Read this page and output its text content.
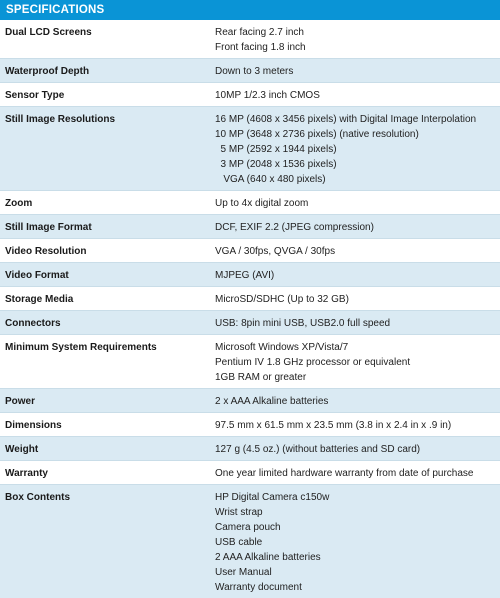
SPECIFICATIONS
Dual LCD Screens	Rear facing 2.7 inch
Front facing 1.8 inch
Waterproof Depth	Down to 3 meters
Sensor Type	10MP 1/2.3 inch CMOS
Still Image Resolutions	16 MP (4608 x 3456 pixels) with Digital Image Interpolation
10 MP (3648 x 2736 pixels) (native resolution)
5 MP (2592 x 1944 pixels)
3 MP (2048 x 1536 pixels)
VGA (640 x 480 pixels)
Zoom	Up to 4x digital zoom
Still Image Format	DCF, EXIF 2.2 (JPEG compression)
Video Resolution	VGA / 30fps, QVGA / 30fps
Video Format	MJPEG (AVI)
Storage Media	MicroSD/SDHC (Up to 32 GB)
Connectors	USB: 8pin mini USB, USB2.0 full speed
Minimum System Requirements	Microsoft Windows XP/Vista/7
Pentium IV 1.8 GHz processor or equivalent
1GB RAM or greater
Power	2 x AAA Alkaline batteries
Dimensions	97.5 mm x 61.5 mm x 23.5 mm (3.8 in x 2.4 in x .9 in)
Weight	127 g (4.5 oz.) (without batteries and SD card)
Warranty	One year limited hardware warranty from date of purchase
Box Contents	HP Digital Camera c150w
Wrist strap
Camera pouch
USB cable
2 AAA Alkaline batteries
User Manual
Warranty document
